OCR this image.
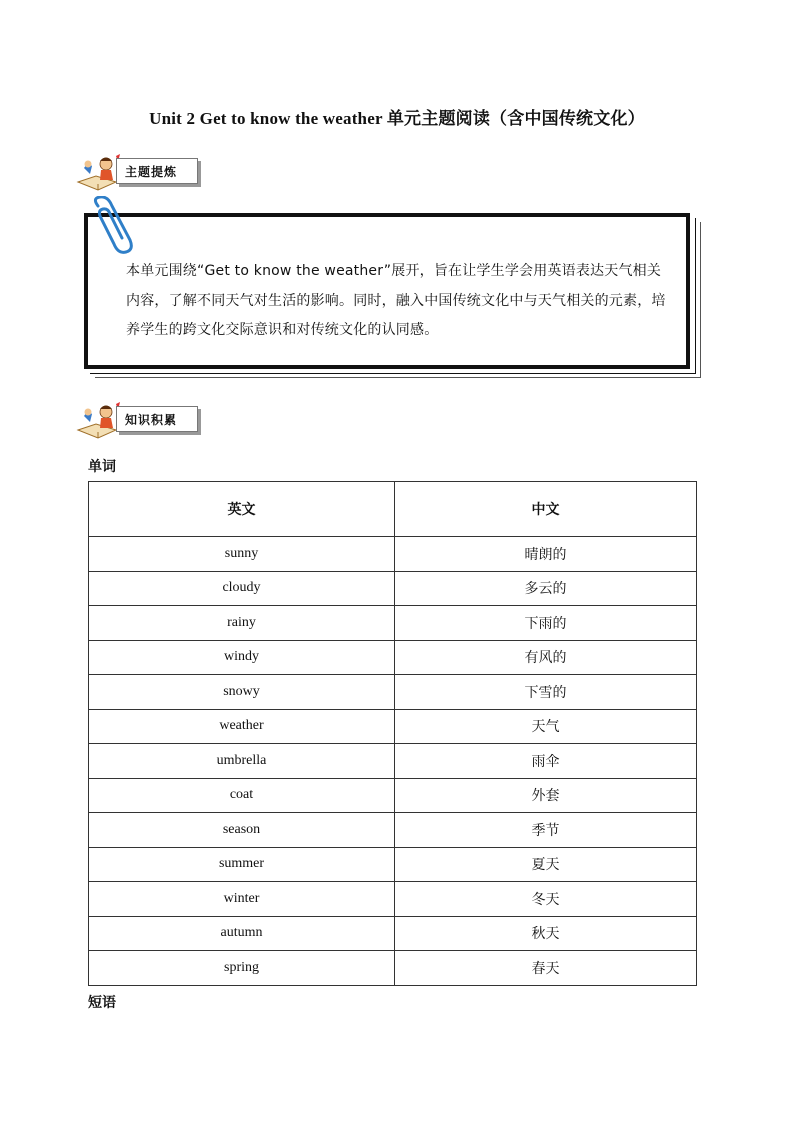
Unit 2 Get to know the weather 单元主题阅读（含中国传统文化）
主题提炼
本单元围绕“Get to know the weather”展开，旨在让学生学会用英语表达天气相关内容，了解不同天气对生活的影响。同时，融入中国传统文化中与天气相关的元素，培养学生的跨文化交际意识和对传统文化的认同感。
知识积累
单词
英文	中文
sunny	晴朗的
cloudy	多云的
rainy	下雨的
windy	有风的
snowy	下雪的
weather	天气
umbrella	雨伞
coat	外套
season	季节
summer	夏天
winter	冬天
autumn	秋天
spring	春天
短语
